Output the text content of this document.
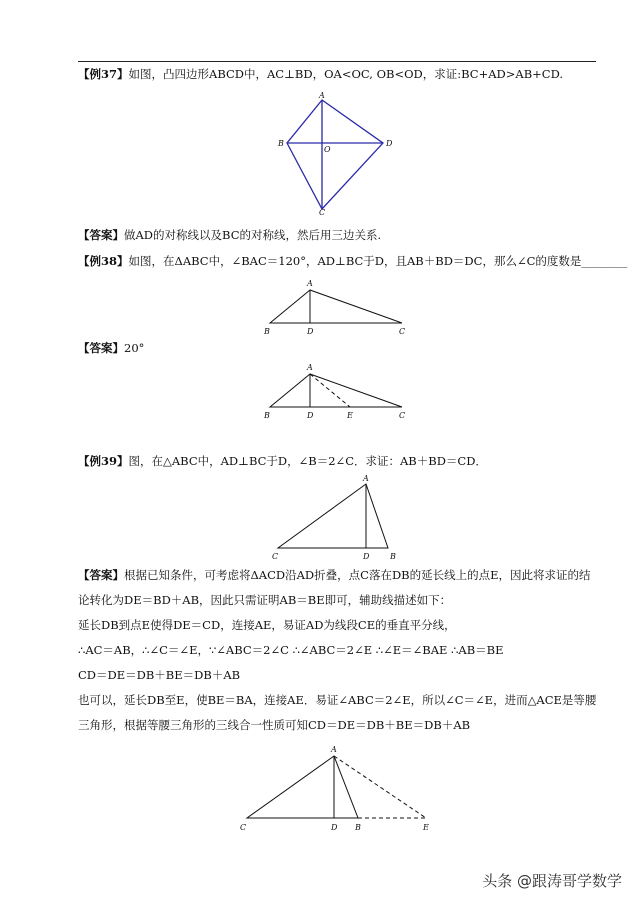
【例37】如图，凸四边形ABCD中，AC⊥BD，OA<OC, OB<OD，求证:BC+AD>AB+CD.
A
B
C
D
O
【答案】做AD的对称线以及BC的对称线，然后用三边关系.
【例38】如图，在ΔABC中，∠BAC＝120°，AD⊥BC于D，且AB＋BD＝DC，那么∠C的度数是________
A
B	D	C
【答案】20°
A
B	D	E	C
【例39】图，在△ABC中，AD⊥BC于D，∠B＝2∠C．求证：AB＋BD＝CD．
A
C	D	B
【答案】根据已知条件，可考虑将ΔACD沿AD折叠，点C落在DB的延长线上的点E，因此将求证的结
论转化为DE＝BD＋AB，因此只需证明AB＝BE即可，辅助线描述如下：
延长DB到点E使得DE＝CD，连接AE，易证AD为线段CE的垂直平分线，
∴AC＝AB，∴∠C＝∠E，∵∠ABC＝2∠C ∴∠ABC＝2∠E ∴∠E＝∠BAE ∴AB＝BE
CD＝DE＝DB＋BE＝DB＋AB
也可以，延长DB至E，使BE＝BA，连接AE．易证∠ABC＝2∠E，所以∠C＝∠E，进而△ACE是等腰
三角形，根据等腰三角形的三线合一性质可知CD＝DE＝DB＋BE＝DB＋AB
A
C	D B	E
头条 @跟涛哥学数学
